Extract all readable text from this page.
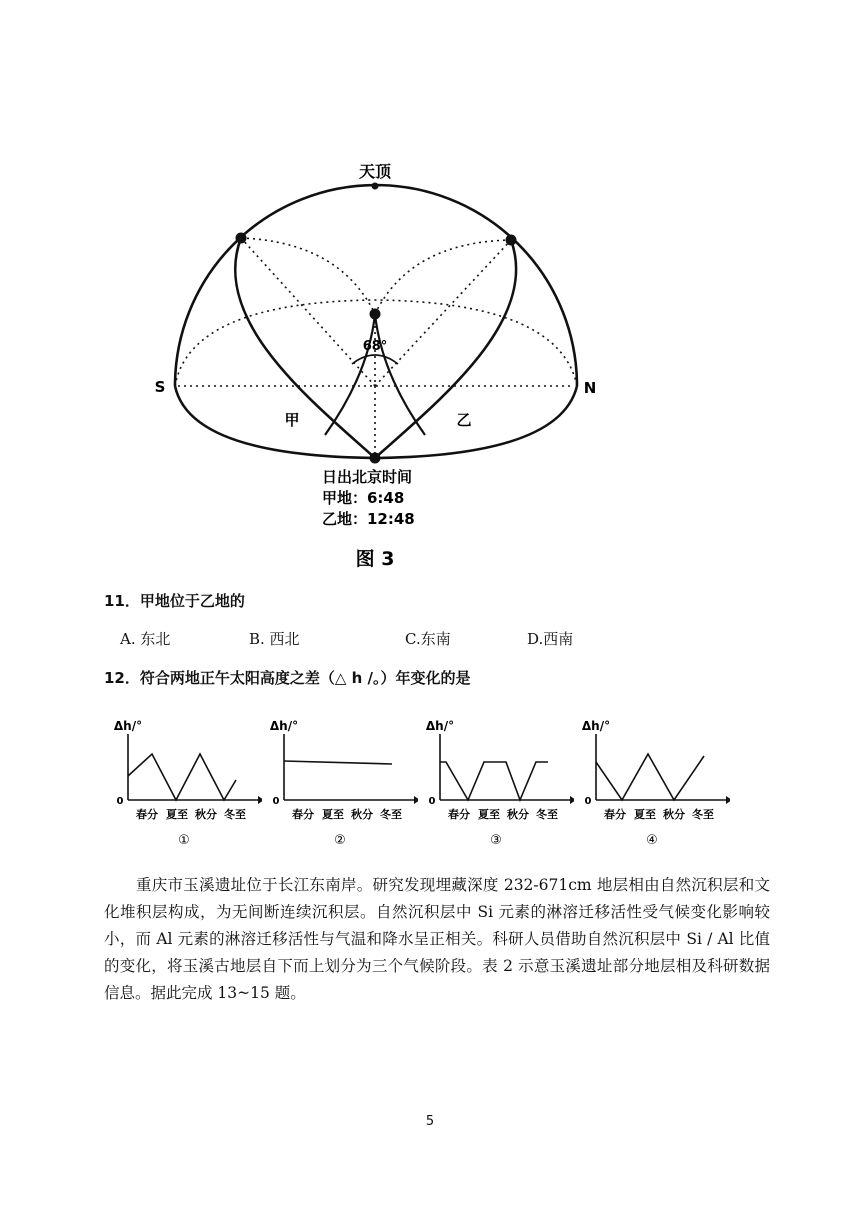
天顶
68°
S	N
甲	乙
日出北京时间
甲地：6:48
乙地：12:48
图 3
11．甲地位于乙地的
A. 东北	B. 西北	C.东南	D.西南
12．符合两地正午太阳高度之差（△ h /。）年变化的是
Δh/°
0
春分 夏至 秋分 冬至
①
Δh/°
0
春分 夏至 秋分 冬至
②
Δh/°
0
春分 夏至 秋分 冬至
③
Δh/°
0
春分 夏至 秋分 冬至
④

重庆市玉溪遗址位于长江东南岸。研究发现埋藏深度 232-671cm 地层相由自然沉积层和文化堆积层构成，为无间断连续沉积层。自然沉积层中 Si 元素的淋溶迁移活性受气候变化影响较小，而 Al 元素的淋溶迁移活性与气温和降水呈正相关。科研人员借助自然沉积层中 Si / Al 比值的变化，将玉溪古地层自下而上划分为三个气候阶段。表 2 示意玉溪遗址部分地层相及科研数据信息。据此完成 13~15 题。

5
